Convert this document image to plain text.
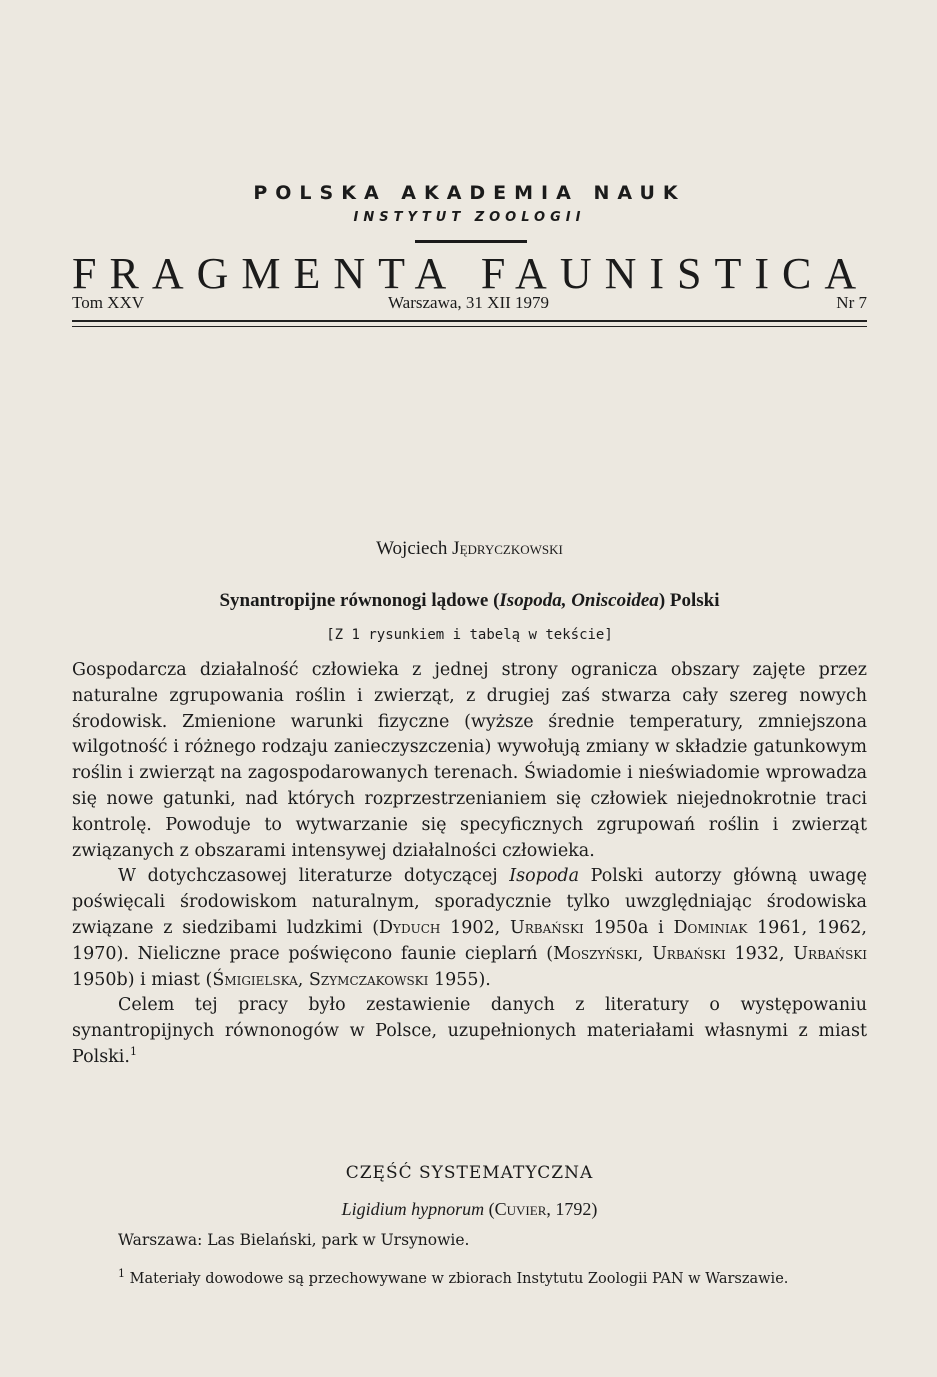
POLSKA AKADEMIA NAUK
INSTYTUT ZOOLOGII
FRAGMENTA FAUNISTICA
Tom XXV	Warszawa, 31 XII 1979	Nr 7
Wojciech Jędryczkowski
Synantropijne równonogi lądowe (Isopoda, Oniscoidea) Polski
[Z 1 rysunkiem i tabelą w tekście]

Gospodarcza działalność człowieka z jednej strony ogranicza obszary zajęte przez naturalne zgrupowania roślin i zwierząt, z drugiej zaś stwarza cały szereg nowych środowisk. Zmienione warunki fizyczne (wyższe średnie temperatury, zmniejszona wilgotność i różnego rodzaju zanieczyszczenia) wywołują zmiany w składzie gatunkowym roślin i zwierząt na zagospodarowanych terenach. Świadomie i nieświadomie wprowadza się nowe gatunki, nad których rozprzestrzenianiem się człowiek niejednokrotnie traci kontrolę. Powoduje to wytwarzanie się specyficznych zgrupowań roślin i zwierząt związanych z obszarami intensywej działalności człowieka.

W dotychczasowej literaturze dotyczącej Isopoda Polski autorzy główną uwagę poświęcali środowiskom naturalnym, sporadycznie tylko uwzględniając środowiska związane z siedzibami ludzkimi (Dyduch 1902, Urbański 1950a i Dominiak 1961, 1962, 1970). Nieliczne prace poświęcono faunie cieplarń (Moszyński, Urbański 1932, Urbański 1950b) i miast (Śmigielska, Szymczakowski 1955).

Celem tej pracy było zestawienie danych z literatury o występowaniu synantropijnych równonogów w Polsce, uzupełnionych materiałami własnymi z miast Polski.$^1$

CZĘŚĆ SYSTEMATYCZNA
Ligidium hypnorum (Cuvier, 1792)
Warszawa: Las Bielański, park w Ursynowie.

$^1$ Materiały dowodowe są przechowywane w zbiorach Instytutu Zoologii PAN w Warszawie.
